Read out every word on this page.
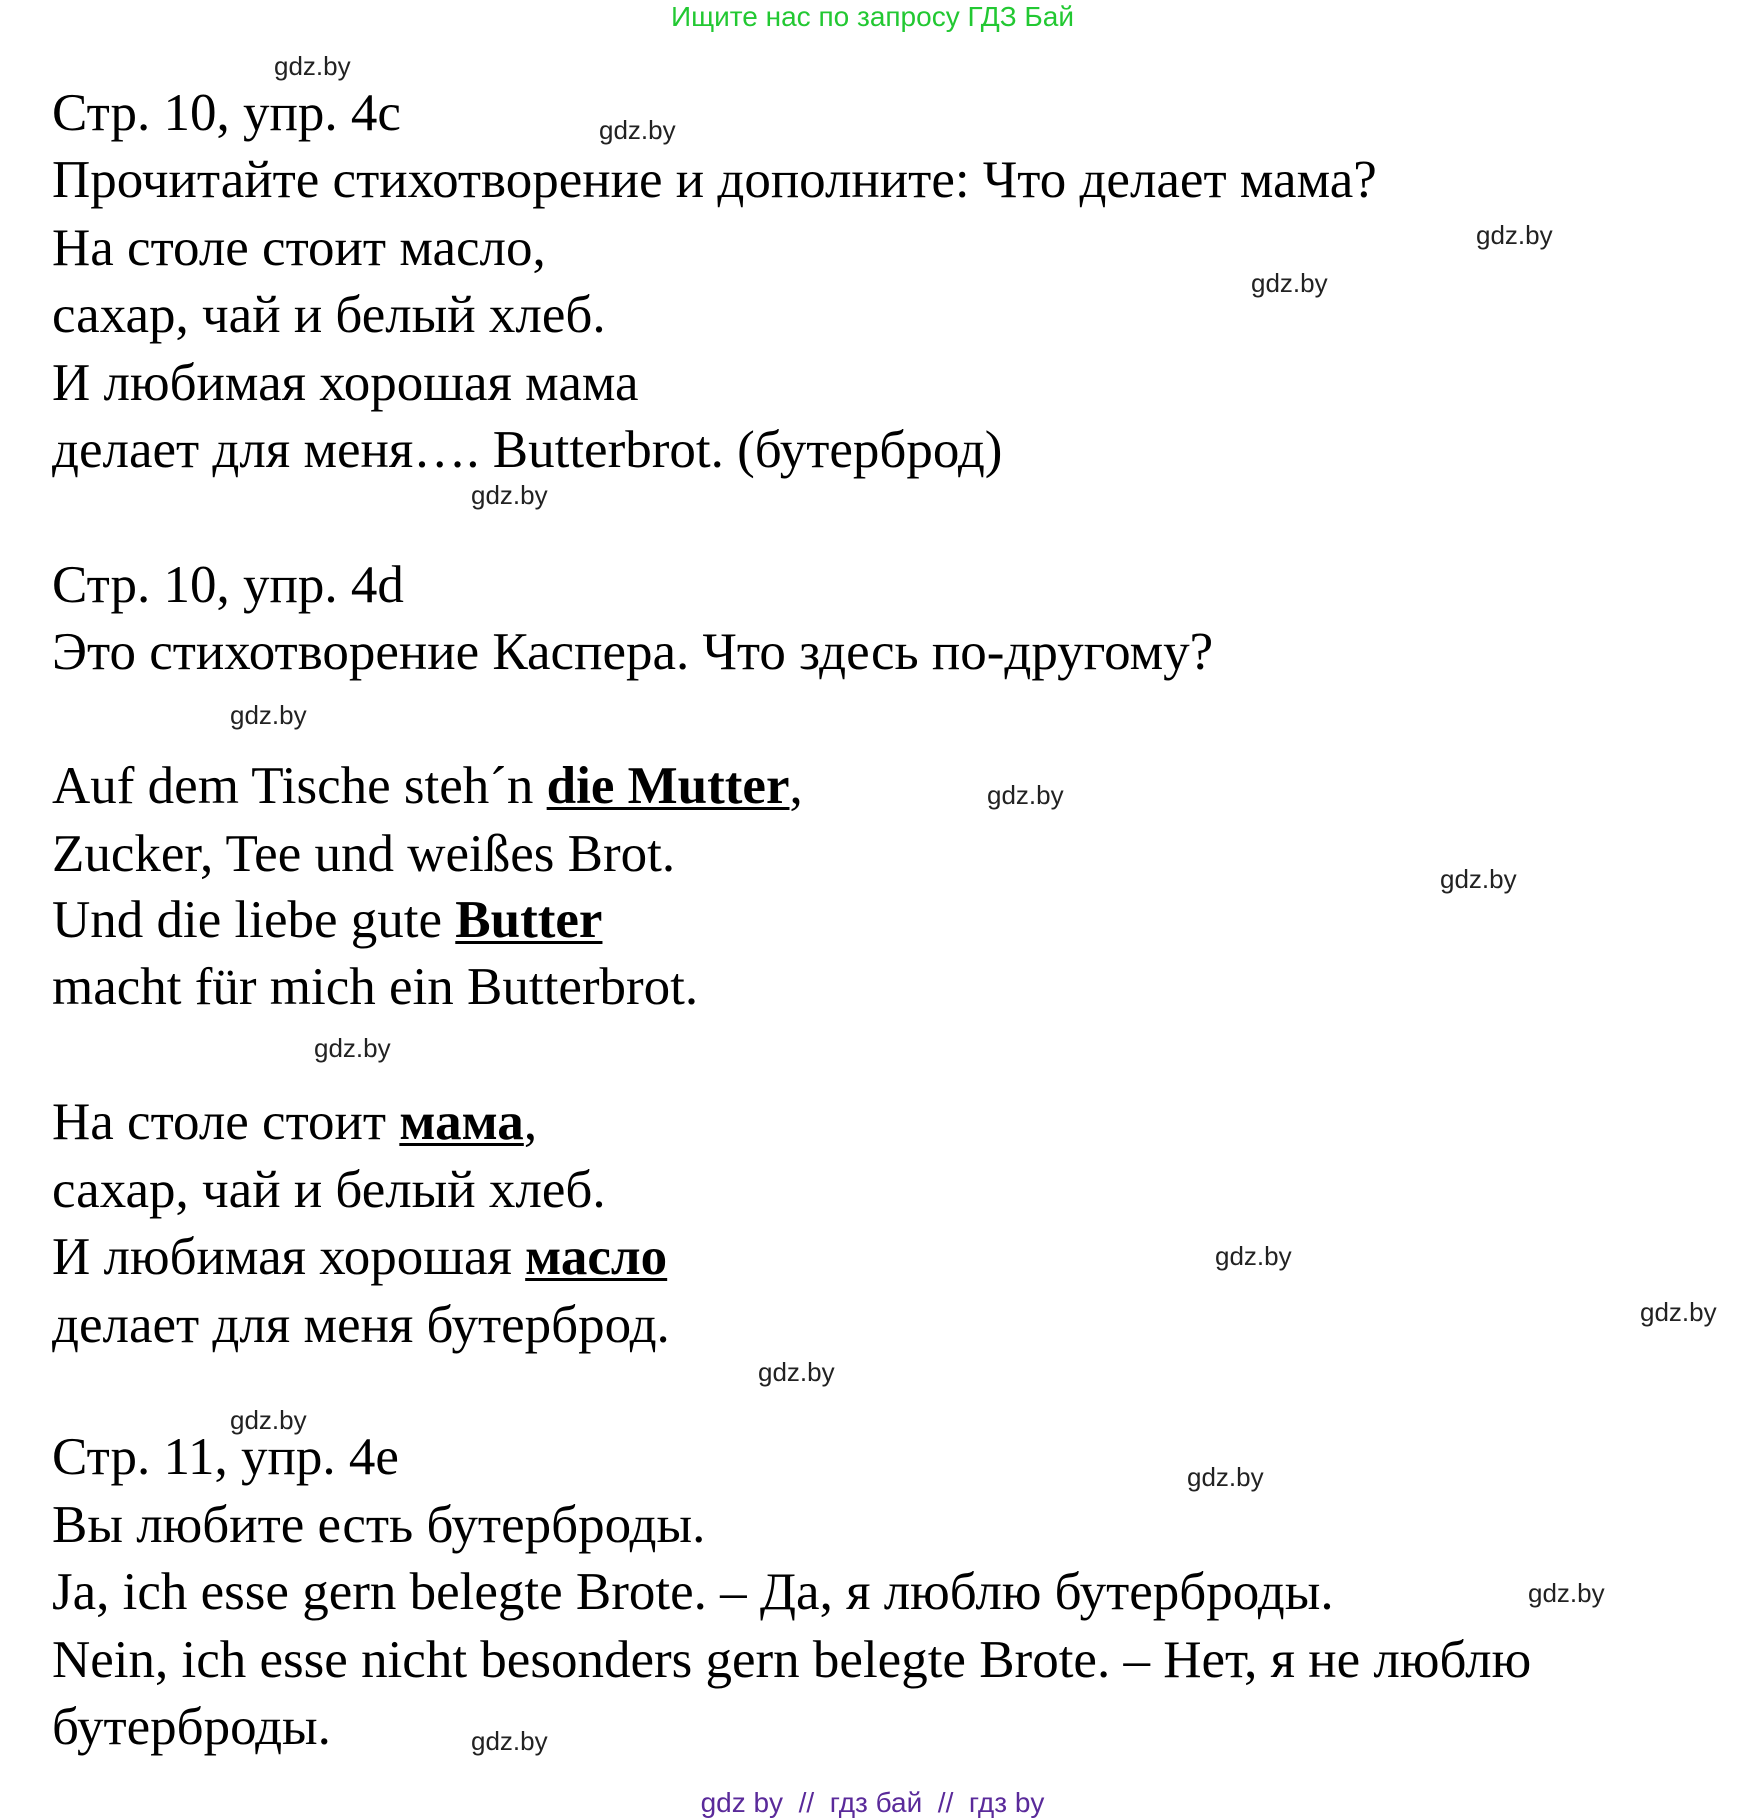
Ищите нас по запросу ГДЗ Бай
Стр. 10, упр. 4c
Прочитайте стихотворение и дополните: Что делает мама?
На столе стоит масло,
сахар, чай и белый хлеб.
И любимая хорошая мама
делает для меня…. Butterbrot. (бутерброд)
Стр. 10, упр. 4d
Это стихотворение Каспера. Что здесь по-другому?
Auf dem Tische steh´n die Mutter,
Zucker, Tee und weißes Brot.
Und die liebe gute Butter
macht für mich ein Butterbrot.
На столе стоит мама,
сахар, чай и белый хлеб.
И любимая хорошая масло
делает для меня бутерброд.
Стр. 11, упр. 4e
Вы любите есть бутерброды.
Ja, ich esse gern belegte Brote. – Да, я люблю бутерброды.
Nein, ich esse nicht besonders gern belegte Brote. – Нет, я не люблю
бутерброды.
gdz.by
gdz.by
gdz.by
gdz.by
gdz.by
gdz.by
gdz.by
gdz.by
gdz.by
gdz.by
gdz.by
gdz.by
gdz.by
gdz.by
gdz.by
gdz.by
gdz by  //  гдз бай  //  гдз by
